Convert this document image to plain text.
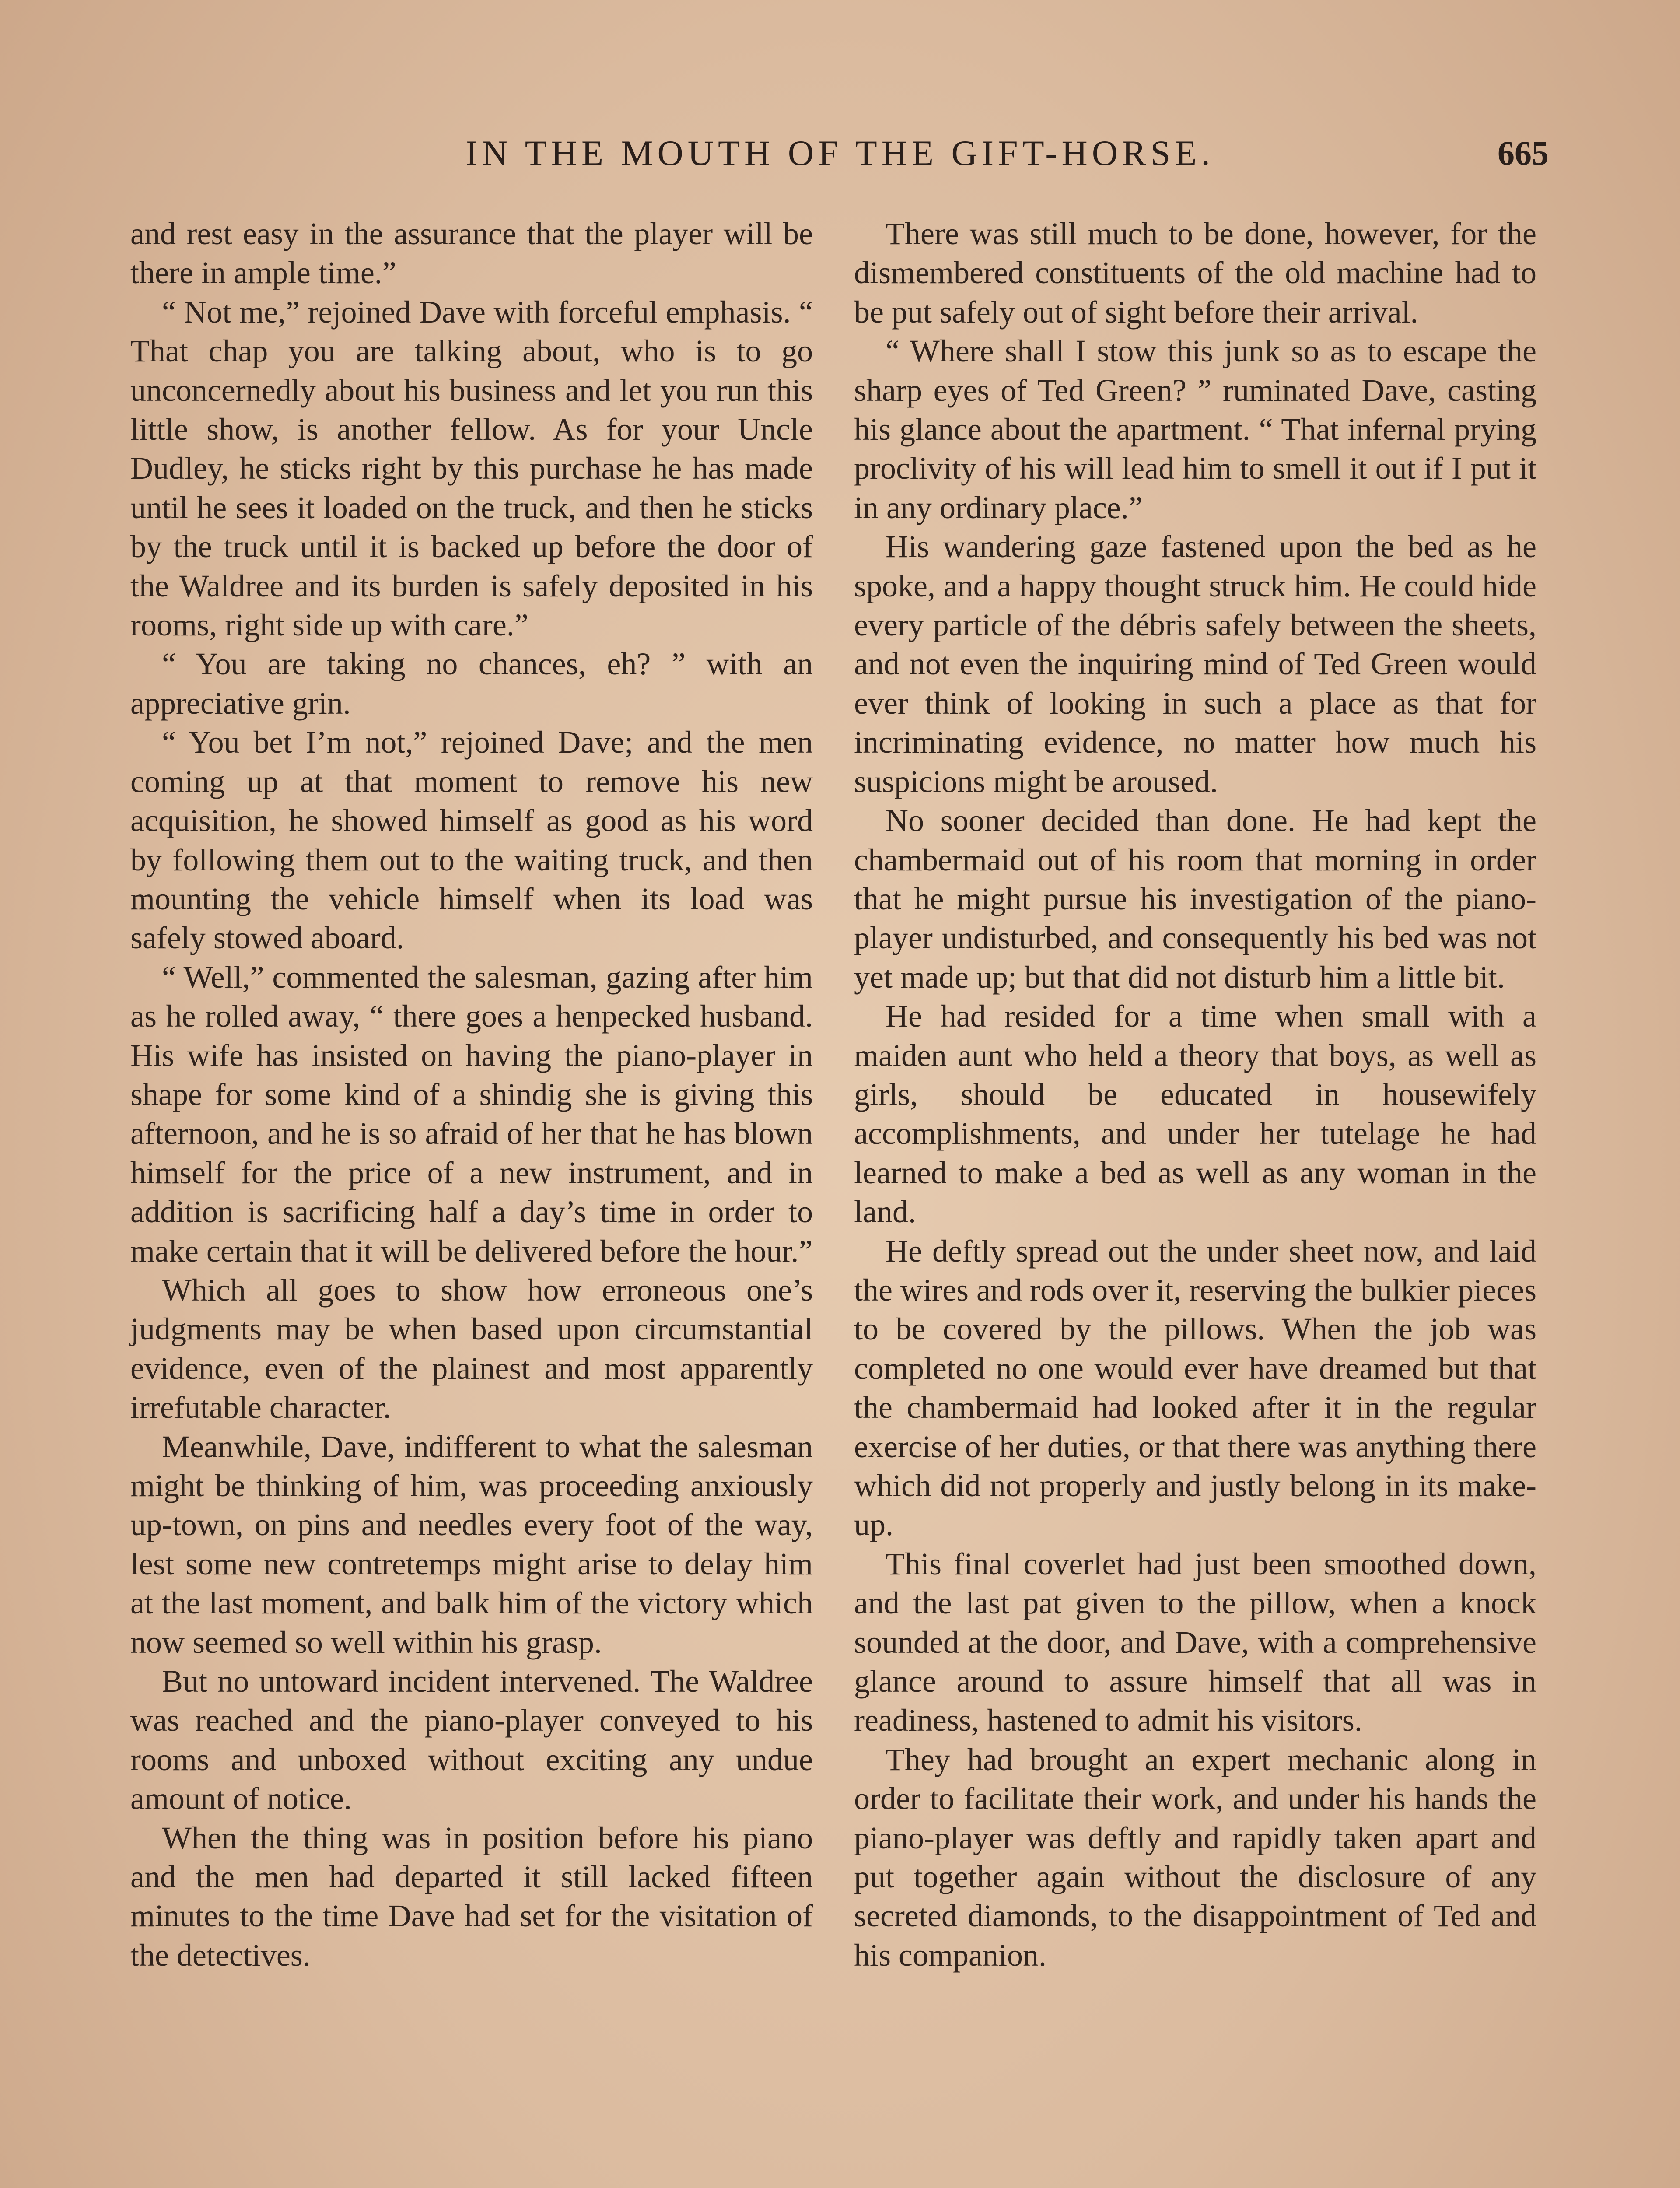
IN THE MOUTH OF THE GIFT-HORSE.	665

and rest easy in the assurance that the player will be there in ample time.”

“ Not me,” rejoined Dave with forceful emphasis. “ That chap you are talking about, who is to go unconcernedly about his business and let you run this little show, is another fellow. As for your Uncle Dudley, he sticks right by this purchase he has made until he sees it loaded on the truck, and then he sticks by the truck until it is backed up before the door of the Waldree and its burden is safely deposited in his rooms, right side up with care.”

“ You are taking no chances, eh? ” with an appreciative grin.

“ You bet I’m not,” rejoined Dave; and the men coming up at that moment to remove his new acquisition, he showed himself as good as his word by following them out to the waiting truck, and then mounting the vehicle himself when its load was safely stowed aboard.

“ Well,” commented the salesman, gazing after him as he rolled away, “ there goes a henpecked husband. His wife has insisted on having the piano-player in shape for some kind of a shindig she is giving this afternoon, and he is so afraid of her that he has blown himself for the price of a new instrument, and in addition is sacrificing half a day’s time in order to make certain that it will be delivered before the hour.”

Which all goes to show how erroneous one’s judgments may be when based upon circumstantial evidence, even of the plainest and most apparently irrefutable character.

Meanwhile, Dave, indifferent to what the salesman might be thinking of him, was proceeding anxiously up-town, on pins and needles every foot of the way, lest some new contretemps might arise to delay him at the last moment, and balk him of the victory which now seemed so well within his grasp.

But no untoward incident intervened. The Waldree was reached and the piano-player conveyed to his rooms and unboxed without exciting any undue amount of notice.

When the thing was in position before his piano and the men had departed it still lacked fifteen minutes to the time Dave had set for the visitation of the detectives.

There was still much to be done, however, for the dismembered constituents of the old machine had to be put safely out of sight before their arrival.

“ Where shall I stow this junk so as to escape the sharp eyes of Ted Green? ” ruminated Dave, casting his glance about the apartment. “ That infernal prying proclivity of his will lead him to smell it out if I put it in any ordinary place.”

His wandering gaze fastened upon the bed as he spoke, and a happy thought struck him. He could hide every particle of the débris safely between the sheets, and not even the inquiring mind of Ted Green would ever think of looking in such a place as that for incriminating evidence, no matter how much his suspicions might be aroused.

No sooner decided than done. He had kept the chambermaid out of his room that morning in order that he might pursue his investigation of the piano-player undisturbed, and consequently his bed was not yet made up; but that did not disturb him a little bit.

He had resided for a time when small with a maiden aunt who held a theory that boys, as well as girls, should be educated in housewifely accomplishments, and under her tutelage he had learned to make a bed as well as any woman in the land.

He deftly spread out the under sheet now, and laid the wires and rods over it, reserving the bulkier pieces to be covered by the pillows. When the job was completed no one would ever have dreamed but that the chambermaid had looked after it in the regular exercise of her duties, or that there was anything there which did not properly and justly belong in its make-up.

This final coverlet had just been smoothed down, and the last pat given to the pillow, when a knock sounded at the door, and Dave, with a comprehensive glance around to assure himself that all was in readiness, hastened to admit his visitors.

They had brought an expert mechanic along in order to facilitate their work, and under his hands the piano-player was deftly and rapidly taken apart and put together again without the disclosure of any secreted diamonds, to the disappointment of Ted and his companion.
